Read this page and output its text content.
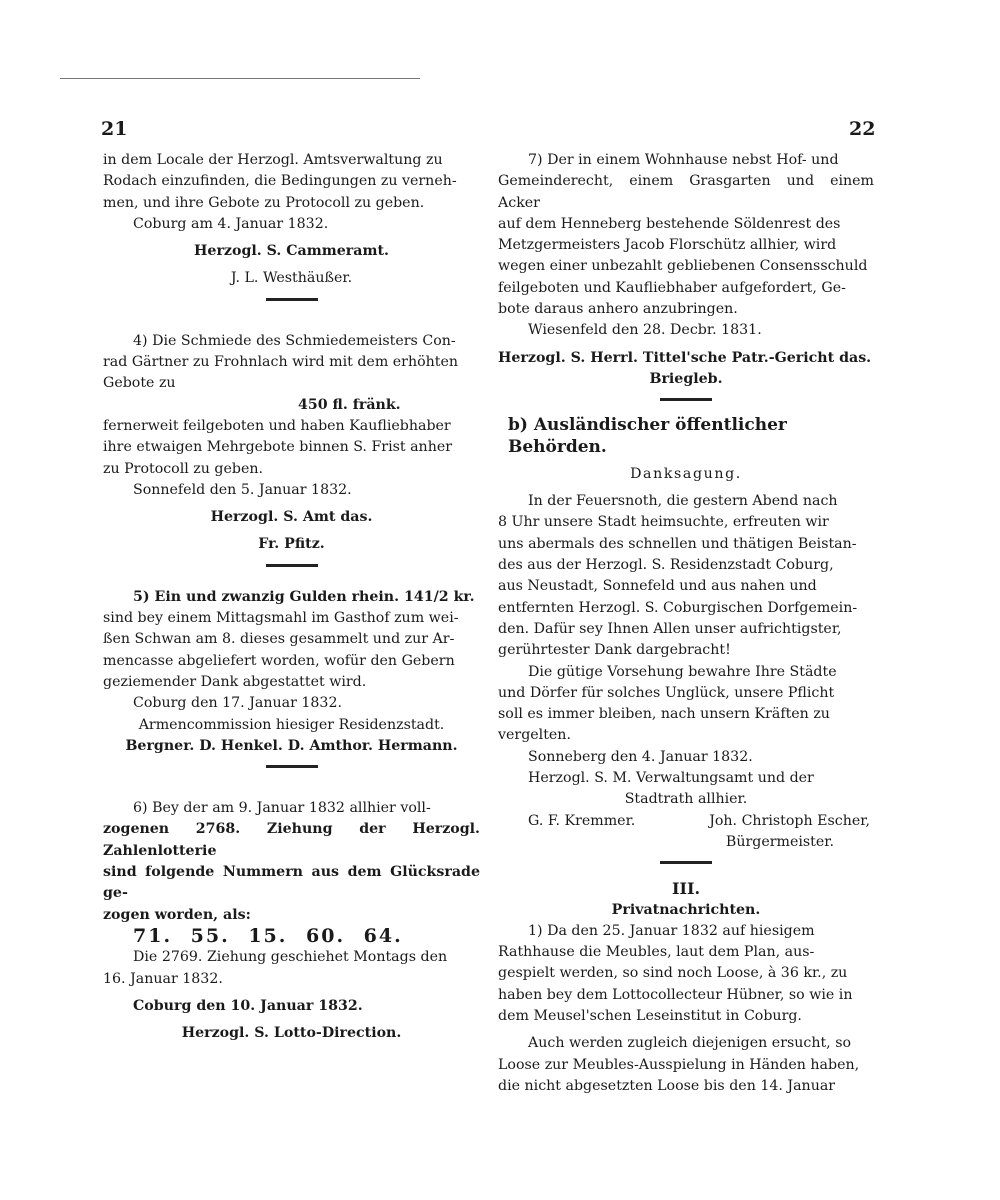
21	22

in dem Locale der Herzogl. Amtsverwaltung zu

Rodach einzufinden, die Bedingungen zu verneh-

men, und ihre Gebote zu Protocoll zu geben.

Coburg am 4. Januar 1832.

Herzogl. S. Cammeramt.

J. L. Westhäußer.

4) Die Schmiede des Schmiedemeisters Con-

rad Gärtner zu Frohnlach wird mit dem erhöhten

Gebote zu

450 fl. fränk.

fernerweit feilgeboten und haben Kaufliebhaber

ihre etwaigen Mehrgebote binnen S. Frist anher

zu Protocoll zu geben.

Sonnefeld den 5. Januar 1832.

Herzogl. S. Amt das.

Fr. Pfitz.

5) Ein und zwanzig Gulden rhein. 141/2 kr.

sind bey einem Mittagsmahl im Gasthof zum wei-

ßen Schwan am 8. dieses gesammelt und zur Ar-

mencasse abgeliefert worden, wofür den Gebern

geziemender Dank abgestattet wird.

Coburg den 17. Januar 1832.

Armencommission hiesiger Residenzstadt.

Bergner. D. Henkel. D. Amthor. Hermann.

6) Bey der am 9. Januar 1832 allhier voll-

zogenen 2768. Ziehung der Herzogl. Zahlenlotterie

sind folgende Nummern aus dem Glücksrade ge-

zogen worden, als:

71. 55. 15. 60. 64.

Die 2769. Ziehung geschiehet Montags den

16. Januar 1832.

Coburg den 10. Januar 1832.

Herzogl. S. Lotto-Direction.

7) Der in einem Wohnhause nebst Hof- und

Gemeinderecht, einem Grasgarten und einem Acker

auf dem Henneberg bestehende Söldenrest des

Metzgermeisters Jacob Florschütz allhier, wird

wegen einer unbezahlt gebliebenen Consensschuld

feilgeboten und Kaufliebhaber aufgefordert, Ge-

bote daraus anhero anzubringen.

Wiesenfeld den 28. Decbr. 1831.

Herzogl. S. Herrl. Tittel'sche Patr.-Gericht das.

Briegleb.

b) Ausländischer öffentlicher Behörden.

Danksagung.

In der Feuersnoth, die gestern Abend nach

8 Uhr unsere Stadt heimsuchte, erfreuten wir

uns abermals des schnellen und thätigen Beistan-

des aus der Herzogl. S. Residenzstadt Coburg,

aus Neustadt, Sonnefeld und aus nahen und

entfernten Herzogl. S. Coburgischen Dorfgemein-

den. Dafür sey Ihnen Allen unser aufrichtigster,

gerührtester Dank dargebracht!

Die gütige Vorsehung bewahre Ihre Städte

und Dörfer für solches Unglück, unsere Pflicht

soll es immer bleiben, nach unsern Kräften zu

vergelten.

Sonneberg den 4. Januar 1832.

Herzogl. S. M. Verwaltungsamt und der

Stadtrath allhier.

G. F. Kremmer.	Joh. Christoph Escher,

Bürgermeister.

III.

Privatnachrichten.

1) Da den 25. Januar 1832 auf hiesigem

Rathhause die Meubles, laut dem Plan, aus-

gespielt werden, so sind noch Loose, à 36 kr., zu

haben bey dem Lottocollecteur Hübner, so wie in

dem Meusel'schen Leseinstitut in Coburg.

Auch werden zugleich diejenigen ersucht, so

Loose zur Meubles-Ausspielung in Händen haben,

die nicht abgesetzten Loose bis den 14. Januar
